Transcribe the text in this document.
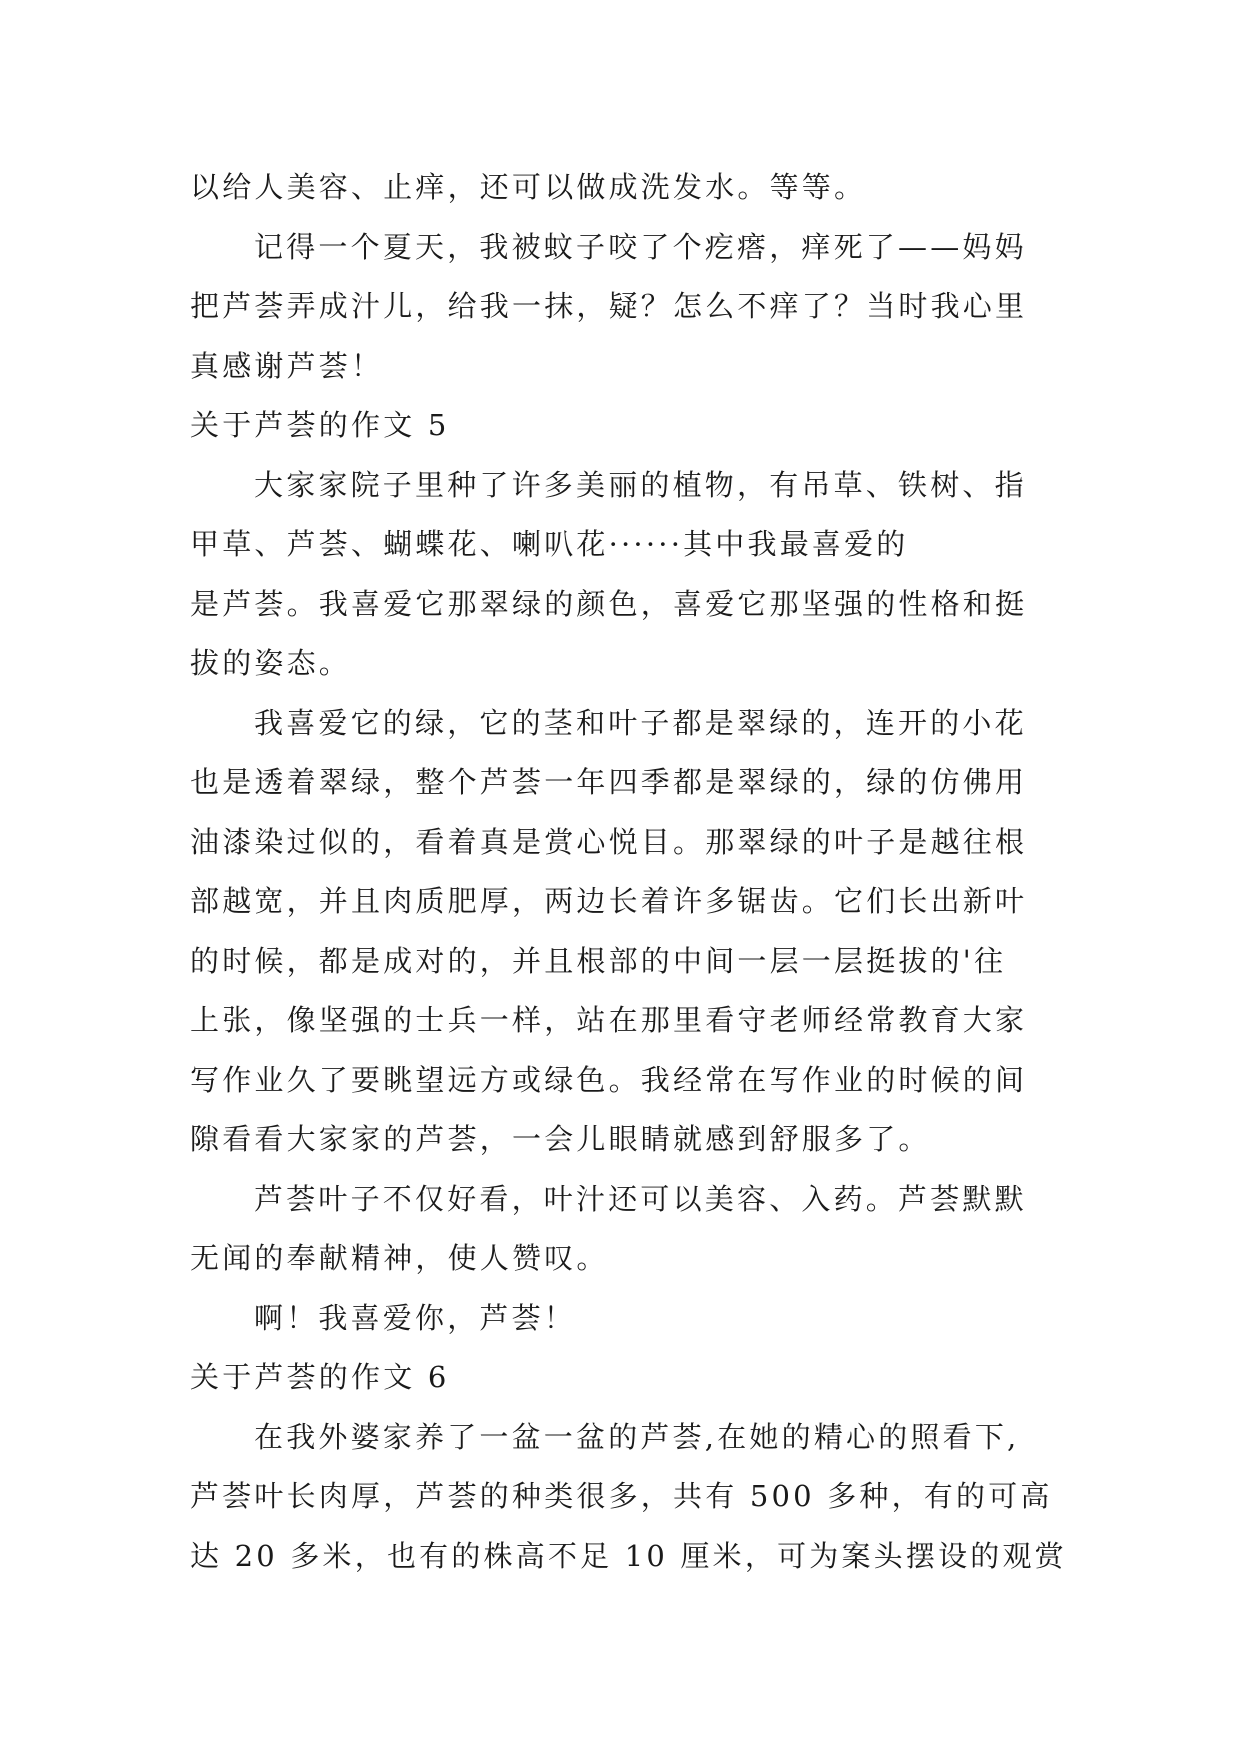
以给人美容、止痒，还可以做成洗发水。等等。
记得一个夏天，我被蚊子咬了个疙瘩，痒死了——妈妈
把芦荟弄成汁儿，给我一抹，疑？怎么不痒了？当时我心里
真感谢芦荟！
关于芦荟的作文 5
大家家院子里种了许多美丽的植物，有吊草、铁树、指
甲草、芦荟、蝴蝶花、喇叭花······其中我最喜爱的
是芦荟。我喜爱它那翠绿的颜色，喜爱它那坚强的性格和挺
拔的姿态。
我喜爱它的绿，它的茎和叶子都是翠绿的，连开的小花
也是透着翠绿，整个芦荟一年四季都是翠绿的，绿的仿佛用
油漆染过似的，看着真是赏心悦目。那翠绿的叶子是越往根
部越宽，并且肉质肥厚，两边长着许多锯齿。它们长出新叶
的时候，都是成对的，并且根部的中间一层一层挺拔的'往
上张，像坚强的士兵一样，站在那里看守老师经常教育大家
写作业久了要眺望远方或绿色。我经常在写作业的时候的间
隙看看大家家的芦荟，一会儿眼睛就感到舒服多了。
芦荟叶子不仅好看，叶汁还可以美容、入药。芦荟默默
无闻的奉献精神，使人赞叹。
啊！我喜爱你，芦荟！
关于芦荟的作文 6
在我外婆家养了一盆一盆的芦荟,在她的精心的照看下,
芦荟叶长肉厚，芦荟的种类很多，共有 500 多种，有的可高
达 20 多米，也有的株高不足 10 厘米，可为案头摆设的观赏
